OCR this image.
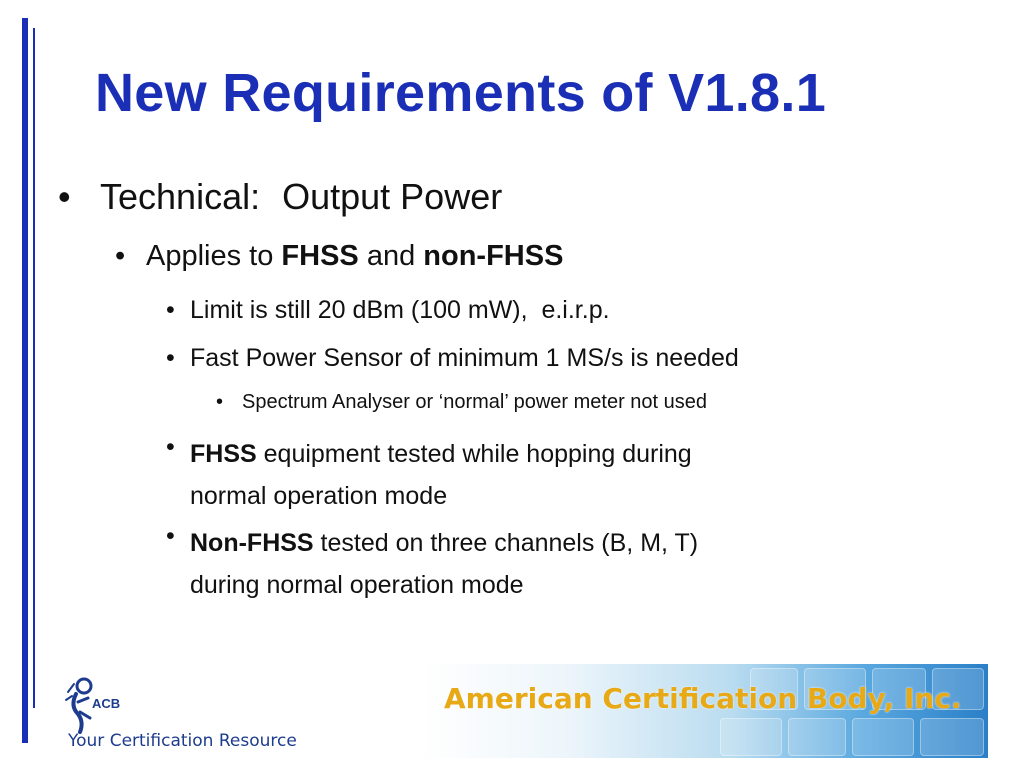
New Requirements of V1.8.1
• Technical: Output Power
• Applies to FHSS and non-FHSS
• Limit is still 20 dBm (100 mW),  e.i.r.p.
• Fast Power Sensor of minimum 1 MS/s is needed
• Spectrum Analyser or ‘normal’ power meter not used
• FHSS equipment tested while hopping during
normal operation mode
• Non-FHSS tested on three channels (B, M, T)
during normal operation mode
American Certification Body, Inc.
ACB
Your Certification Resource
